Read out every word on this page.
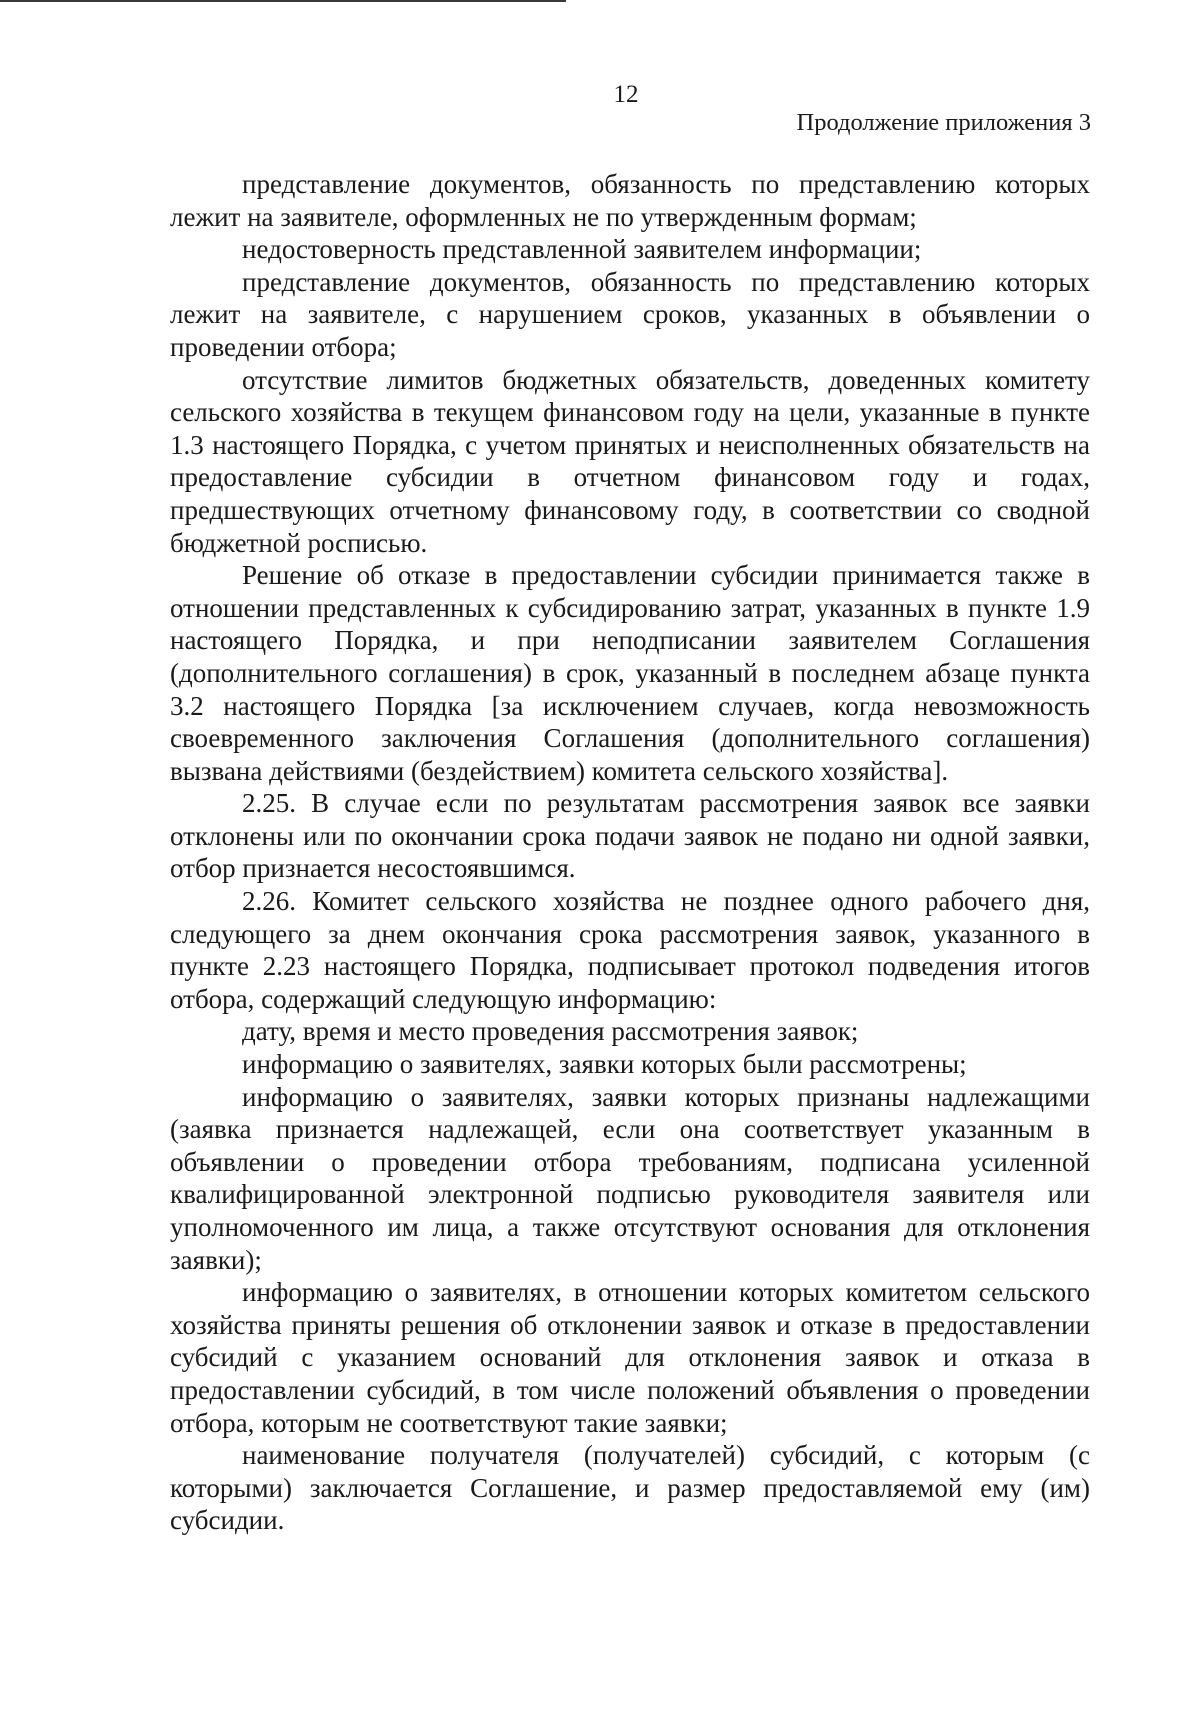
12
Продолжение приложения 3

представление документов, обязанность по представлению которых лежит на заявителе, оформленных не по утвержденным формам;

недостоверность представленной заявителем информации;

представление документов, обязанность по представлению которых лежит на заявителе, с нарушением сроков, указанных в объявлении о проведении отбора;

отсутствие лимитов бюджетных обязательств, доведенных комитету сельского хозяйства в текущем финансовом году на цели, указанные в пункте 1.3 настоящего Порядка, с учетом принятых и неисполненных обязательств на предоставление субсидии в отчетном финансовом году и годах, предшествующих отчетному финансовому году, в соответствии со сводной бюджетной росписью.

Решение об отказе в предоставлении субсидии принимается также в отношении представленных к субсидированию затрат, указанных в пункте 1.9 настоящего Порядка, и при неподписании заявителем Соглашения (дополнительного соглашения) в срок, указанный в последнем абзаце пункта 3.2 настоящего Порядка [за исключением случаев, когда невозможность своевременного заключения Соглашения (дополнительного соглашения) вызвана действиями (бездействием) комитета сельского хозяйства].

2.25. В случае если по результатам рассмотрения заявок все заявки отклонены или по окончании срока подачи заявок не подано ни одной заявки, отбор признается несостоявшимся.

2.26. Комитет сельского хозяйства не позднее одного рабочего дня, следующего за днем окончания срока рассмотрения заявок, указанного в пункте 2.23 настоящего Порядка, подписывает протокол подведения итогов отбора, содержащий следующую информацию:

дату, время и место проведения рассмотрения заявок;

информацию о заявителях, заявки которых были рассмотрены;

информацию о заявителях, заявки которых признаны надлежащими (заявка признается надлежащей, если она соответствует указанным в объявлении о проведении отбора требованиям, подписана усиленной квалифицированной электронной подписью руководителя заявителя или уполномоченного им лица, а также отсутствуют основания для отклонения заявки);

информацию о заявителях, в отношении которых комитетом сельского хозяйства приняты решения об отклонении заявок и отказе в предоставлении субсидий с указанием оснований для отклонения заявок и отказа в предоставлении субсидий, в том числе положений объявления о проведении отбора, которым не соответствуют такие заявки;

наименование получателя (получателей) субсидий, с которым (с которыми) заключается Соглашение, и размер предоставляемой ему (им) субсидии.
